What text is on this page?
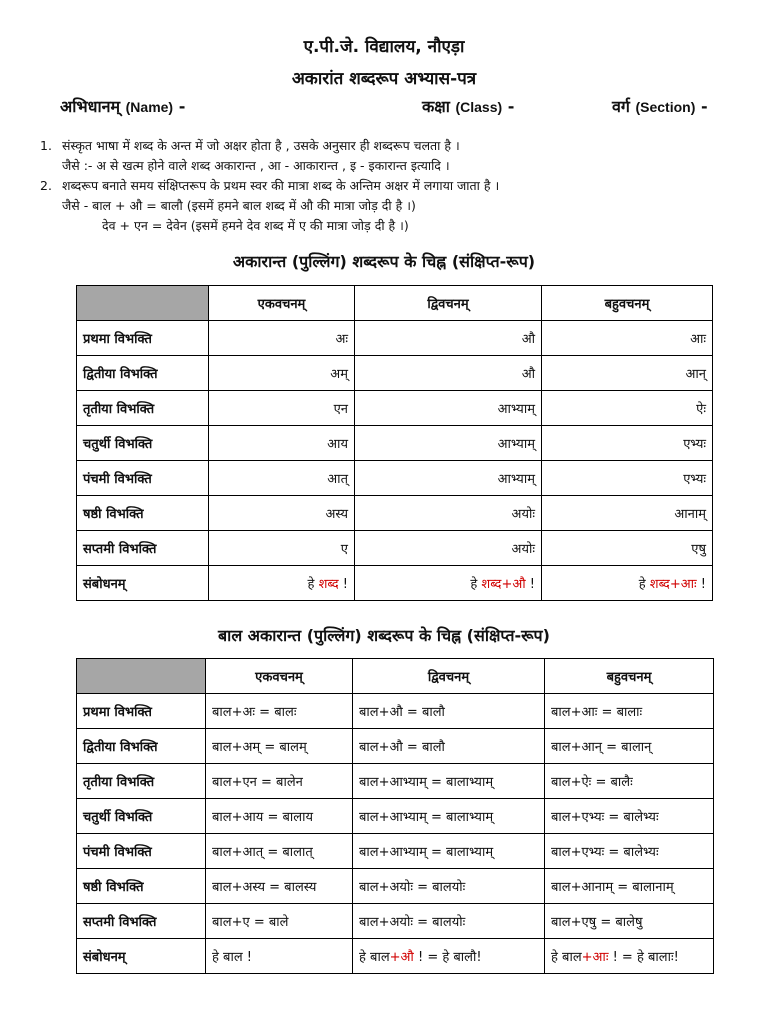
ए.पी.जे. विद्यालय, नौएड़ा
अकारांत शब्दरूप अभ्यास-पत्र
अभिधानम् (Name) -	कक्षा (Class) -	वर्ग (Section) -
1. संस्कृत भाषा में शब्द के अन्त में जो अक्षर होता है , उसके अनुसार ही शब्दरूप चलता है ।
जैसे :- अ से खत्म होने वाले शब्द अकारान्त , आ - आकारान्त , इ - इकारान्त इत्यादि ।
2. शब्दरूप बनाते समय संक्षिप्तरूप के प्रथम स्वर की मात्रा शब्द के अन्तिम अक्षर में लगाया जाता है ।
जैसे - बाल + औ = बालौ (इसमें हमने बाल शब्द में औ की मात्रा जोड़ दी है ।)
देव + एन = देवेन (इसमें हमने देव शब्द में ए की मात्रा जोड़ दी है ।)
अकारान्त (पुल्लिंग) शब्दरूप के चिह्न (संक्षिप्त-रूप)
	एकवचनम्	द्विवचनम्	बहुवचनम्
प्रथमा विभक्ति	अः	औ	आः
द्वितीया विभक्ति	अम्	औ	आन्
तृतीया विभक्ति	एन	आभ्याम्	ऐः
चतुर्थी विभक्ति	आय	आभ्याम्	एभ्यः
पंचमी विभक्ति	आत्	आभ्याम्	एभ्यः
षष्ठी विभक्ति	अस्य	अयोः	आनाम्
सप्तमी विभक्ति	ए	अयोः	एषु
संबोधनम्	हे शब्द !	हे शब्द+औ !	हे शब्द+आः !
बाल अकारान्त (पुल्लिंग) शब्दरूप के चिह्न (संक्षिप्त-रूप)
	एकवचनम्	द्विवचनम्	बहुवचनम्
प्रथमा विभक्ति	बाल+अः = बालः	बाल+औ = बालौ	बाल+आः = बालाः
द्वितीया विभक्ति	बाल+अम् = बालम्	बाल+औ = बालौ	बाल+आन् = बालान्
तृतीया विभक्ति	बाल+एन = बालेन	बाल+आभ्याम् = बालाभ्याम्	बाल+ऐः = बालैः
चतुर्थी विभक्ति	बाल+आय = बालाय	बाल+आभ्याम् = बालाभ्याम्	बाल+एभ्यः = बालेभ्यः
पंचमी विभक्ति	बाल+आत् = बालात्	बाल+आभ्याम् = बालाभ्याम्	बाल+एभ्यः = बालेभ्यः
षष्ठी विभक्ति	बाल+अस्य = बालस्य	बाल+अयोः = बालयोः	बाल+आनाम् = बालानाम्
सप्तमी विभक्ति	बाल+ए = बाले	बाल+अयोः = बालयोः	बाल+एषु = बालेषु
संबोधनम्	हे बाल !	हे बाल+औ ! = हे बालौ!	हे बाल+आः ! = हे बालाः!
